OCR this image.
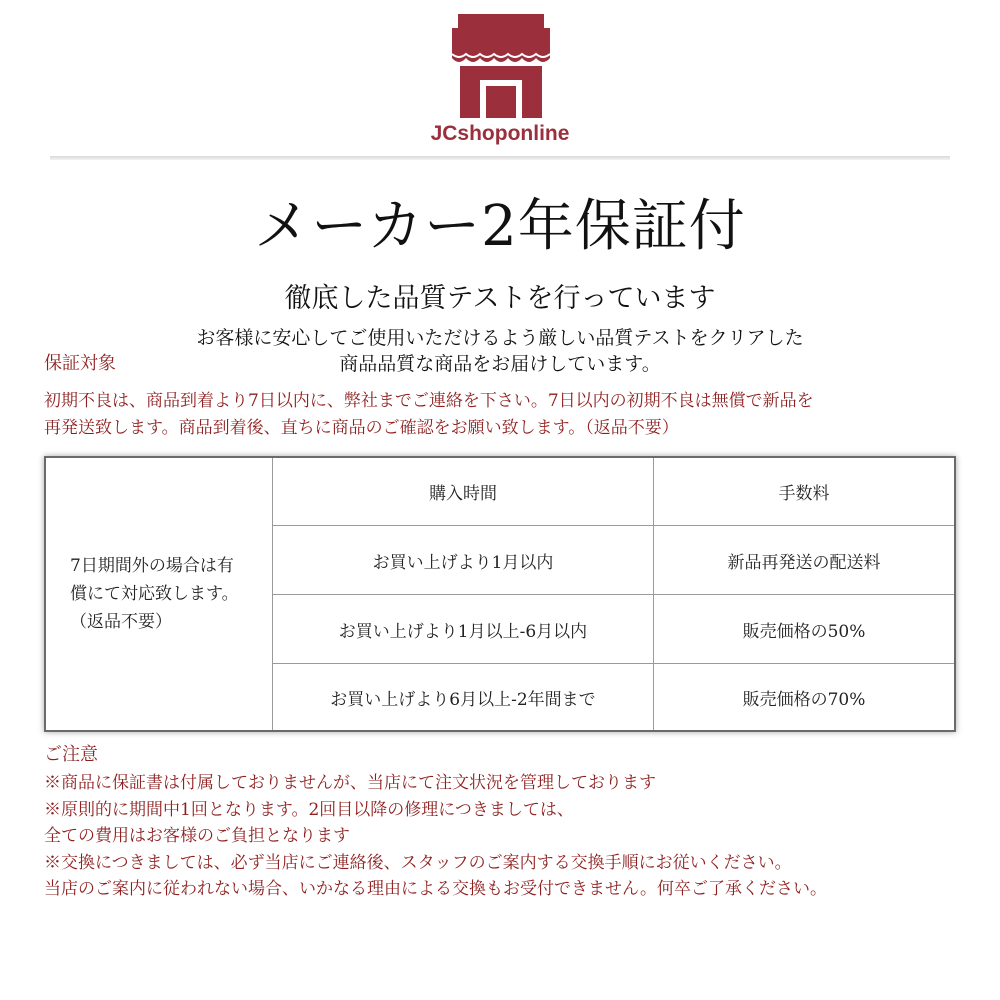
JCshoponline
メーカー2年保証付
徹底した品質テストを行っています
お客様に安心してご使用いただけるよう厳しい品質テストをクリアした
商品品質な商品をお届けしています。
保証対象
初期不良は、商品到着より7日以内に、弊社までご連絡を下さい。7日以内の初期不良は無償で新品を
再発送致します。商品到着後、直ちに商品のご確認をお願い致します。（返品不要）
7日期間外の場合は有
償にて対応致します。
（返品不要）
購入時間	手数料
お買い上げより1月以内	新品再発送の配送料
お買い上げより1月以上-6月以内	販売価格の50%
お買い上げより6月以上-2年間まで	販売価格の70%
ご注意
※商品に保証書は付属しておりませんが、当店にて注文状況を管理しております
※原則的に期間中1回となります。2回目以降の修理につきましては、
全ての費用はお客様のご負担となります
※交換につきましては、必ず当店にご連絡後、スタッフのご案内する交換手順にお従いください。
当店のご案内に従われない場合、いかなる理由による交換もお受付できません。何卒ご了承ください。
